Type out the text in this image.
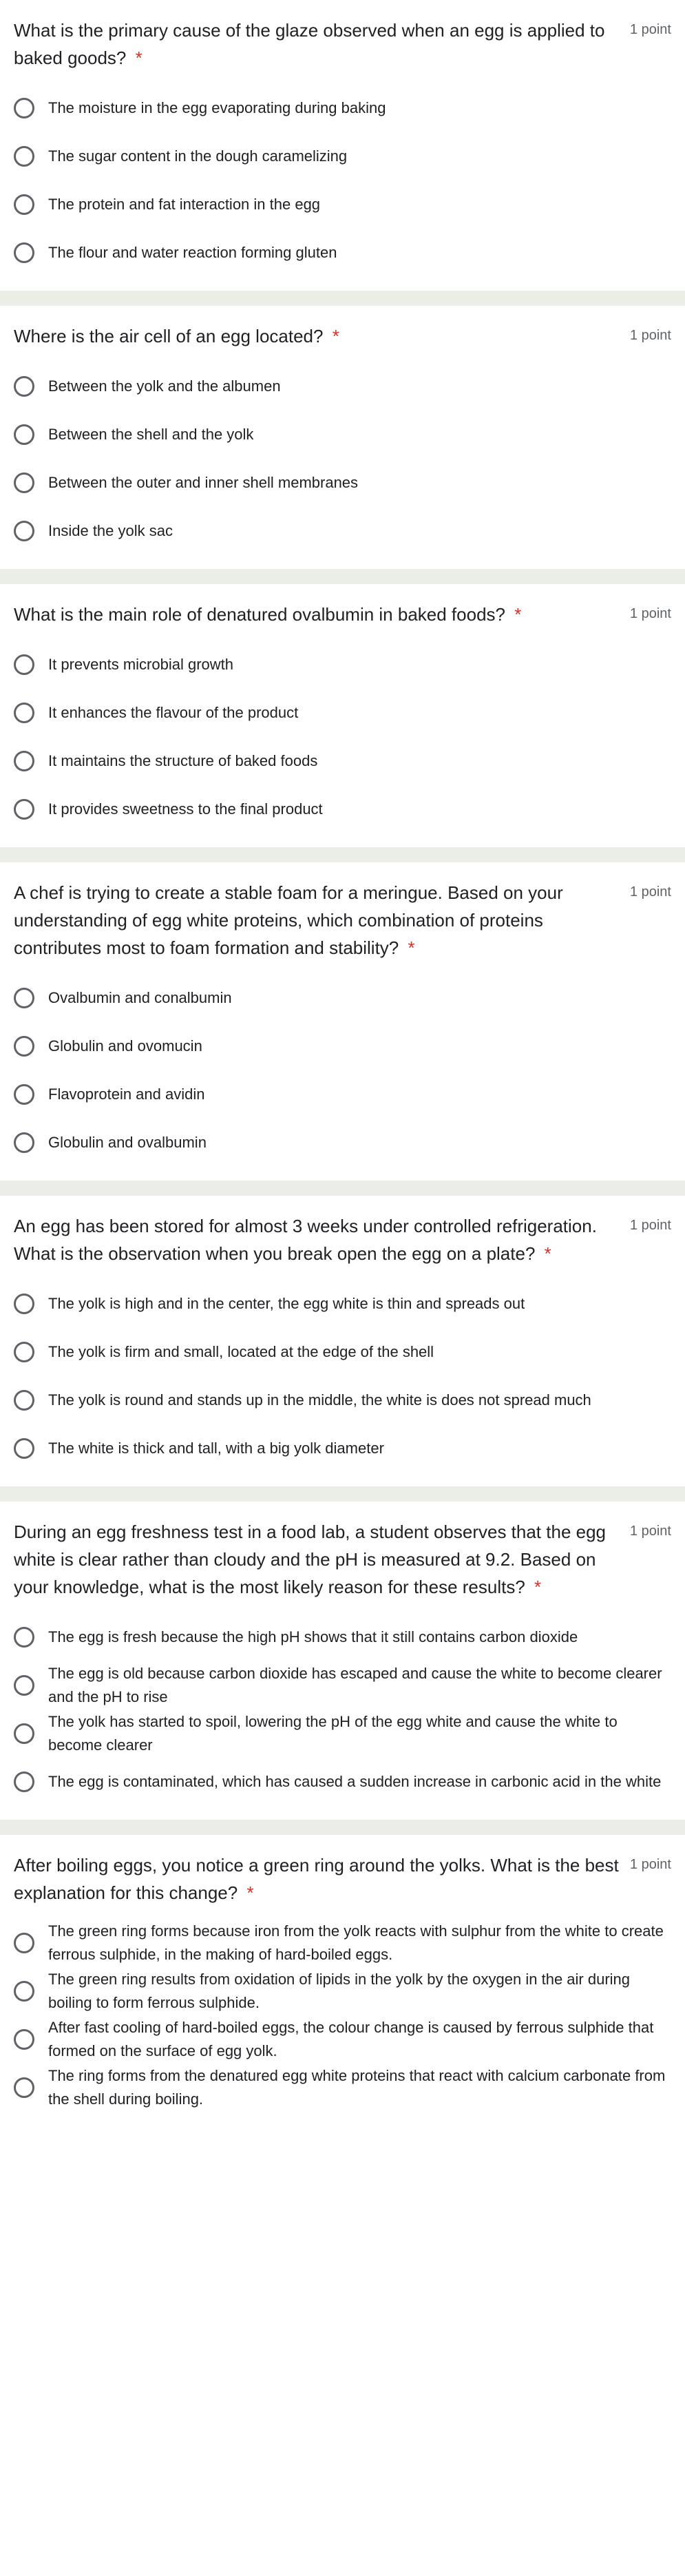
What is the primary cause of the glaze observed when an egg is applied to baked goods? *
1 point
The moisture in the egg evaporating during baking
The sugar content in the dough caramelizing
The protein and fat interaction in the egg
The flour and water reaction forming gluten
Where is the air cell of an egg located? *	1 point
Between the yolk and the albumen
Between the shell and the yolk
Between the outer and inner shell membranes
Inside the yolk sac
What is the main role of denatured ovalbumin in baked foods? *	1 point
It prevents microbial growth
It enhances the flavour of the product
It maintains the structure of baked foods
It provides sweetness to the final product
A chef is trying to create a stable foam for a meringue. Based on your understanding of egg white proteins, which combination of proteins contributes most to foam formation and stability? *
1 point
Ovalbumin and conalbumin
Globulin and ovomucin
Flavoprotein and avidin
Globulin and ovalbumin
An egg has been stored for almost 3 weeks under controlled refrigeration. What is the observation when you break open the egg on a plate? *
1 point
The yolk is high and in the center, the egg white is thin and spreads out
The yolk is firm and small, located at the edge of the shell
The yolk is round and stands up in the middle, the white is does not spread much
The white is thick and tall, with a big yolk diameter
During an egg freshness test in a food lab, a student observes that the egg white is clear rather than cloudy and the pH is measured at 9.2. Based on your knowledge, what is the most likely reason for these results? *
1 point
The egg is fresh because the high pH shows that it still contains carbon dioxide
The egg is old because carbon dioxide has escaped and cause the white to become clearer and the pH to rise
The yolk has started to spoil, lowering the pH of the egg white and cause the white to become clearer
The egg is contaminated, which has caused a sudden increase in carbonic acid in the white
After boiling eggs, you notice a green ring around the yolks. What is the best explanation for this change? *
1 point
The green ring forms because iron from the yolk reacts with sulphur from the white to create ferrous sulphide, in the making of hard-boiled eggs.
The green ring results from oxidation of lipids in the yolk by the oxygen in the air during boiling to form ferrous sulphide.
After fast cooling of hard-boiled eggs, the colour change is caused by ferrous sulphide that formed on the surface of egg yolk.
The ring forms from the denatured egg white proteins that react with calcium carbonate from the shell during boiling.
